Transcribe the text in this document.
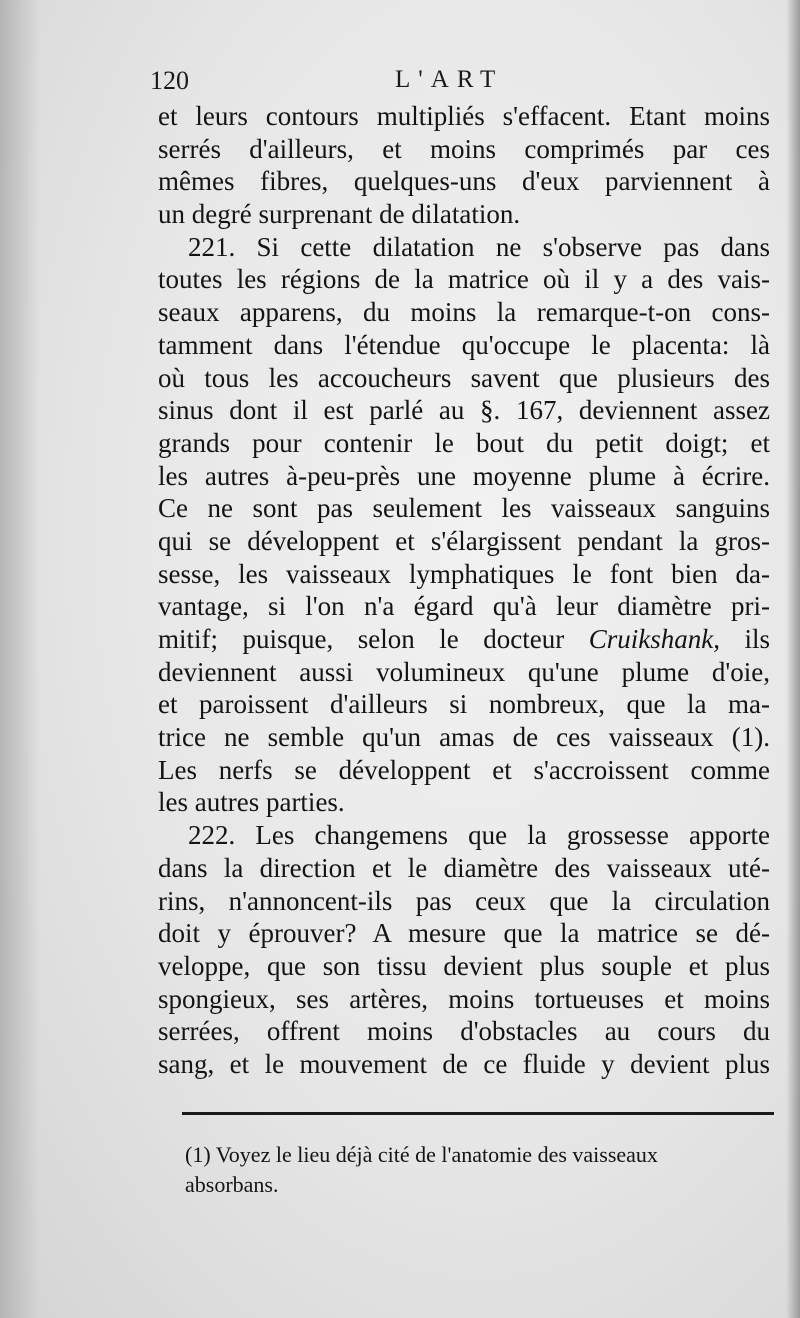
120	L'ART
et leurs contours multipliés s'effacent. Etant moins
serrés d'ailleurs, et moins comprimés par ces
mêmes fibres, quelques-uns d'eux parviennent à
un degré surprenant de dilatation.
221. Si cette dilatation ne s'observe pas dans
toutes les régions de la matrice où il y a des vais-
seaux apparens, du moins la remarque-t-on cons-
tamment dans l'étendue qu'occupe le placenta: là
où tous les accoucheurs savent que plusieurs des
sinus dont il est parlé au §. 167, deviennent assez
grands pour contenir le bout du petit doigt; et
les autres à-peu-près une moyenne plume à écrire.
Ce ne sont pas seulement les vaisseaux sanguins
qui se développent et s'élargissent pendant la gros-
sesse, les vaisseaux lymphatiques le font bien da-
vantage, si l'on n'a égard qu'à leur diamètre pri-
mitif; puisque, selon le docteur Cruikshank, ils
deviennent aussi volumineux qu'une plume d'oie,
et paroissent d'ailleurs si nombreux, que la ma-
trice ne semble qu'un amas de ces vaisseaux (1).
Les nerfs se développent et s'accroissent comme
les autres parties.
222. Les changemens que la grossesse apporte
dans la direction et le diamètre des vaisseaux uté-
rins, n'annoncent-ils pas ceux que la circulation
doit y éprouver? A mesure que la matrice se dé-
veloppe, que son tissu devient plus souple et plus
spongieux, ses artères, moins tortueuses et moins
serrées, offrent moins d'obstacles au cours du
sang, et le mouvement de ce fluide y devient plus
(1) Voyez le lieu déjà cité de l'anatomie des vaisseaux
absorbans.
